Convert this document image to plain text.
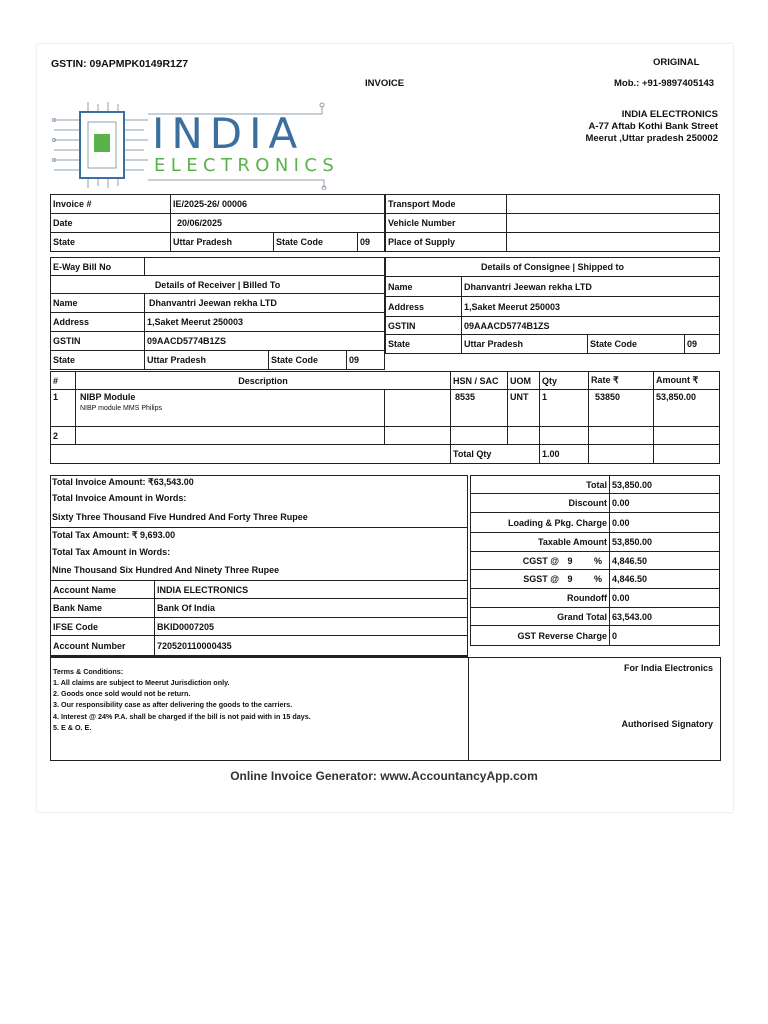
GSTIN: 09APMPK0149R1Z7	ORIGINAL
INVOICE	Mob.: +91-9897405143
INDIA ELECTRONICS
A-77 Aftab Kothi Bank Street
Meerut ,Uttar pradesh 250002
INDIA
ELECTRONICS
Invoice #	IE/2025-26/ 00006		
Date	20/06/2025		
State	Uttar Pradesh	State Code	09
Transport Mode	
Vehicle Number	
Place of Supply	
E-Way Bill No			
Details of Receiver | Billed To			
Name	Dhanvantri Jeewan rekha LTD		
Address	1,Saket Meerut 250003		
GSTIN	09AACD5774B1ZS		
State	Uttar Pradesh	State Code	09
Details of Consignee | Shipped to			
Name	Dhanvantri Jeewan rekha LTD		
Address	1,Saket Meerut 250003		
GSTIN	09AAACD5774B1ZS		
State	Uttar Pradesh	State Code	09
#	Description		HSN / SAC	UOM	Qty	Rate ₹	Amount ₹
1	NIBP Module
NIBP module MMS Philips		8535	UNT	1	53850	53,850.00
2							
			Total Qty		1.00		
Total Invoice Amount: ₹63,543.00
Total Invoice Amount in Words:
Sixty Three Thousand Five Hundred And Forty Three Rupee
Total Tax Amount: ₹ 9,693.00
Total Tax Amount in Words:
Nine Thousand Six Hundred And Ninety Three Rupee
Account Name	INDIA ELECTRONICS
Bank Name	Bank Of India
IFSE Code	BKID0007205
Account Number	720520110000435
Total	53,850.00
Discount	0.00
Loading & Pkg. Charge	0.00
Taxable Amount	53,850.00
CGST @ 9 %	4,846.50
SGST @ 9 %	4,846.50
Roundoff	0.00
Grand Total	63,543.00
GST Reverse Charge	0
Terms & Conditions:
1. All claims are subject to Meerut Jurisdiction only.
2. Goods once sold would not be return.
3. Our responsibility case as after delivering the goods to the carriers.
4. Interest @ 24% P.A. shall be charged if the bill is not paid with in 15 days.
5. E & O. E.
For India Electronics
Authorised Signatory
Online Invoice Generator: www.AccountancyApp.com
